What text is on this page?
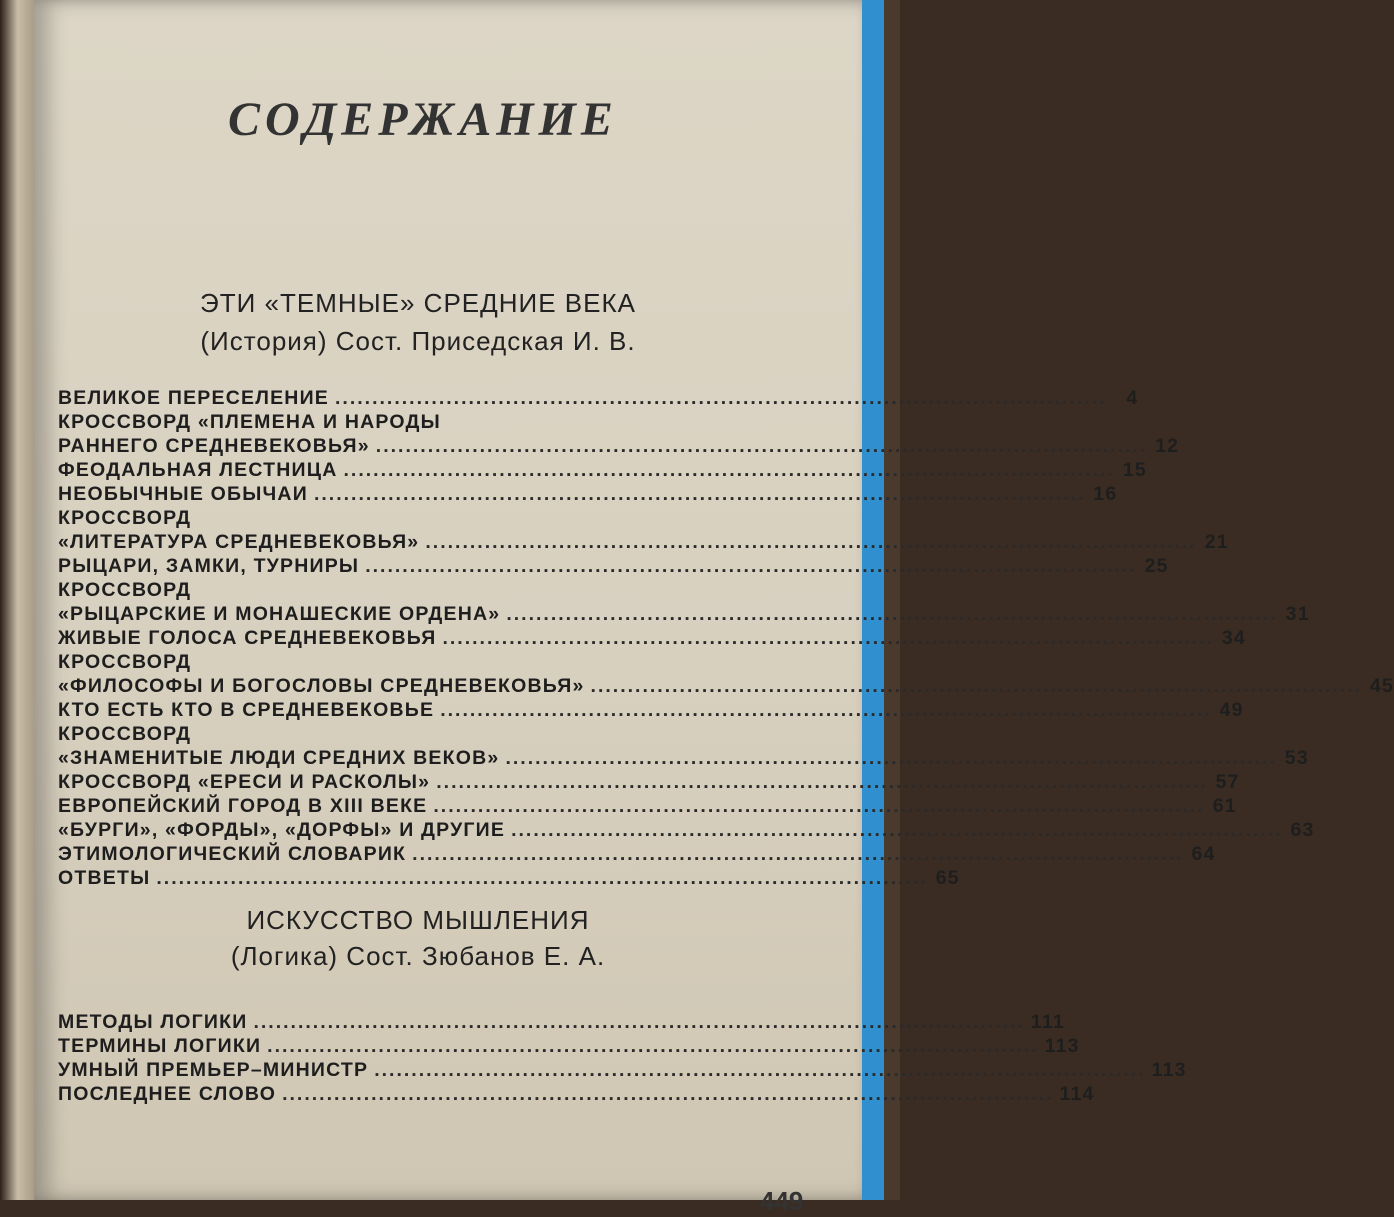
СОДЕРЖАНИЕ
ЭТИ «ТЕМНЫЕ» СРЕДНИЕ ВЕКА
(История) Сост. Приседская И. В.
ВЕЛИКОЕ ПЕРЕСЕЛЕНИЕ ........................................................................................................	4
КРОССВОРД «ПЛЕМЕНА И НАРОДЫ
РАННЕГО СРЕДНЕВЕКОВЬЯ» ........................................................................................................ 12
ФЕОДАЛЬНАЯ ЛЕСТНИЦА ........................................................................................................ 15
НЕОБЫЧНЫЕ ОБЫЧАИ ........................................................................................................ 16
КРОССВОРД
«ЛИТЕРАТУРА СРЕДНЕВЕКОВЬЯ» ........................................................................................................ 21
РЫЦАРИ, ЗАМКИ, ТУРНИРЫ ........................................................................................................ 25
КРОССВОРД
«РЫЦАРСКИЕ И МОНАШЕСКИЕ ОРДЕНА» ........................................................................................................ 31
ЖИВЫЕ ГОЛОСА СРЕДНЕВЕКОВЬЯ ........................................................................................................ 34
КРОССВОРД
«ФИЛОСОФЫ И БОГОСЛОВЫ СРЕДНЕВЕКОВЬЯ» ........................................................................................................ 45
КТО ЕСТЬ КТО В СРЕДНЕВЕКОВЬЕ ........................................................................................................ 49
КРОССВОРД
«ЗНАМЕНИТЫЕ ЛЮДИ СРЕДНИХ ВЕКОВ» ........................................................................................................ 53
КРОССВОРД «ЕРЕСИ И РАСКОЛЫ» ........................................................................................................ 57
ЕВРОПЕЙСКИЙ ГОРОД В XIII ВЕКЕ ........................................................................................................ 61
«БУРГИ», «ФОРДЫ», «ДОРФЫ» И ДРУГИЕ ........................................................................................................ 63
ЭТИМОЛОГИЧЕСКИЙ СЛОВАРИК ........................................................................................................ 64
ОТВЕТЫ ........................................................................................................ 65
ИСКУССТВО МЫШЛЕНИЯ
(Логика) Сост. Зюбанов Е. А.
МЕТОДЫ ЛОГИКИ ........................................................................................................ 111
ТЕРМИНЫ ЛОГИКИ ........................................................................................................ 113
УМНЫЙ ПРЕМЬЕР–МИНИСТР ........................................................................................................ 113
ПОСЛЕДНЕЕ СЛОВО ........................................................................................................ 114
449
